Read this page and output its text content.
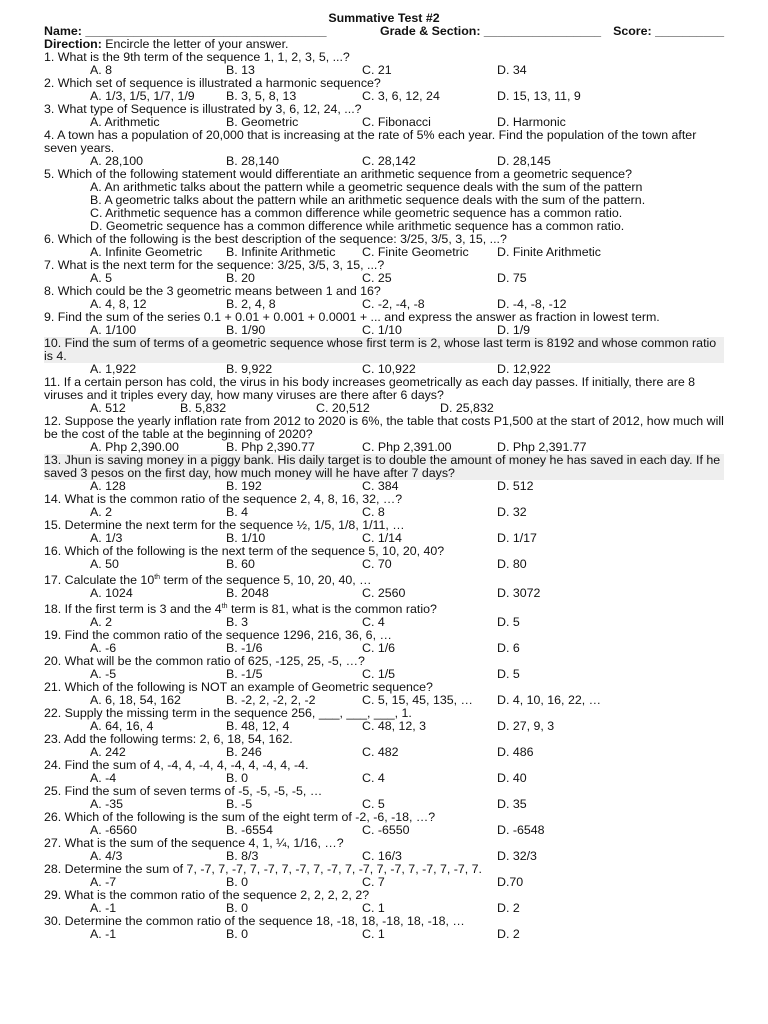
Summative Test #2
Name: ___________________________________	Grade & Section: _________________ Score: __________
Direction: Encircle the letter of your answer.
1. What is the 9th term of the sequence 1, 1, 2, 3, 5, ...?
A. 8	B. 13	C. 21	D. 34
2. Which set of sequence is illustrated a harmonic sequence?
A. 1/3, 1/5, 1/7, 1/9	B. 3, 5, 8, 13	C. 3, 6, 12, 24	D. 15, 13, 11, 9
3. What type of Sequence is illustrated by 3, 6, 12, 24, ...?
A. Arithmetic	B. Geometric	C. Fibonacci	D. Harmonic
4. A town has a population of 20,000 that is increasing at the rate of 5% each year. Find the population of the town after seven years.
A. 28,100	B. 28,140	C. 28,142	D. 28,145
5. Which of the following statement would differentiate an arithmetic sequence from a geometric sequence?
A. An arithmetic talks about the pattern while a geometric sequence deals with the sum of the pattern
B. A geometric talks about the pattern while an arithmetic sequence deals with the sum of the pattern.
C. Arithmetic sequence has a common difference while geometric sequence has a common ratio.
D. Geometric sequence has a common difference while arithmetic sequence has a common ratio.
6. Which of the following is the best description of the sequence: 3/25, 3/5, 3, 15, ...?
A. Infinite Geometric B. Infinite Arithmetic C. Finite Geometric D. Finite Arithmetic
7. What is the next term for the sequence: 3/25, 3/5, 3, 15, ...?
A. 5	B. 20	C. 25	D. 75
8. Which could be the 3 geometric means between 1 and 16?
A. 4, 8, 12	B. 2, 4, 8	C. -2, -4, -8	D. -4, -8, -12
9. Find the sum of the series 0.1 + 0.01 + 0.001 + 0.0001 + ... and express the answer as fraction in lowest term.
A. 1/100	B. 1/90	C. 1/10	D. 1/9
10. Find the sum of terms of a geometric sequence whose first term is 2, whose last term is 8192 and whose common ratio is 4.
A. 1,922	B. 9,922	C. 10,922	D. 12,922
11. If a certain person has cold, the virus in his body increases geometrically as each day passes. If initially, there are 8 viruses and it triples every day, how many viruses are there after 6 days?
A. 512	B. 5,832	C. 20,512	D. 25,832
12. Suppose the yearly inflation rate from 2012 to 2020 is 6%, the table that costs P1,500 at the start of 2012, how much will be the cost of the table at the beginning of 2020?
A. Php 2,390.00	B. Php 2,390.77	C. Php 2,391.00	D. Php 2,391.77
13. Jhun is saving money in a piggy bank. His daily target is to double the amount of money he has saved in each day. If he saved 3 pesos on the first day, how much money will he have after 7 days?
A. 128	B. 192	C. 384	D. 512
14. What is the common ratio of the sequence 2, 4, 8, 16, 32, …?
A. 2	B. 4	C. 8	D. 32
15. Determine the next term for the sequence ½, 1/5, 1/8, 1/11, …
A. 1/3	B. 1/10	C. 1/14	D. 1/17
16. Which of the following is the next term of the sequence 5, 10, 20, 40?
A. 50	B. 60	C. 70	D. 80
17. Calculate the 10th term of the sequence 5, 10, 20, 40, …
A. 1024	B. 2048	C. 2560	D. 3072
18. If the first term is 3 and the 4th term is 81, what is the common ratio?
A. 2	B. 3	C. 4	D. 5
19. Find the common ratio of the sequence 1296, 216, 36, 6, …
A. -6	B. -1/6	C. 1/6	D. 6
20. What will be the common ratio of 625, -125, 25, -5, …?
A. -5	B. -1/5	C. 1/5	D. 5
21. Which of the following is NOT an example of Geometric sequence?
A. 6, 18, 54, 162	B. -2, 2, -2, 2, -2	C. 5, 15, 45, 135, … D. 4, 10, 16, 22, …
22. Supply the missing term in the sequence 256, ___, ___, ___, 1.
A. 64, 16, 4	B. 48, 12, 4	C. 48, 12, 3	D. 27, 9, 3
23. Add the following terms: 2, 6, 18, 54, 162.
A. 242	B. 246	C. 482	D. 486
24. Find the sum of 4, -4, 4, -4, 4, -4, 4, -4, 4, -4.
A. -4	B. 0	C. 4	D. 40
25. Find the sum of seven terms of -5, -5, -5, -5, …
A. -35	B. -5	C. 5	D. 35
26. Which of the following is the sum of the eight term of -2, -6, -18, …?
A. -6560	B. -6554	C. -6550	D. -6548
27. What is the sum of the sequence 4, 1, ¼, 1/16, …?
A. 4/3	B. 8/3	C. 16/3	D. 32/3
28. Determine the sum of 7, -7, 7, -7, 7, -7, 7, -7, 7, -7, 7, -7, 7, -7, 7, -7, 7, -7, 7.
A. -7	B. 0	C. 7	D.70
29. What is the common ratio of the sequence 2, 2, 2, 2, 2?
A. -1	B. 0	C. 1	D. 2
30. Determine the common ratio of the sequence 18, -18, 18, -18, 18, -18, …
A. -1	B. 0	C. 1	D. 2
